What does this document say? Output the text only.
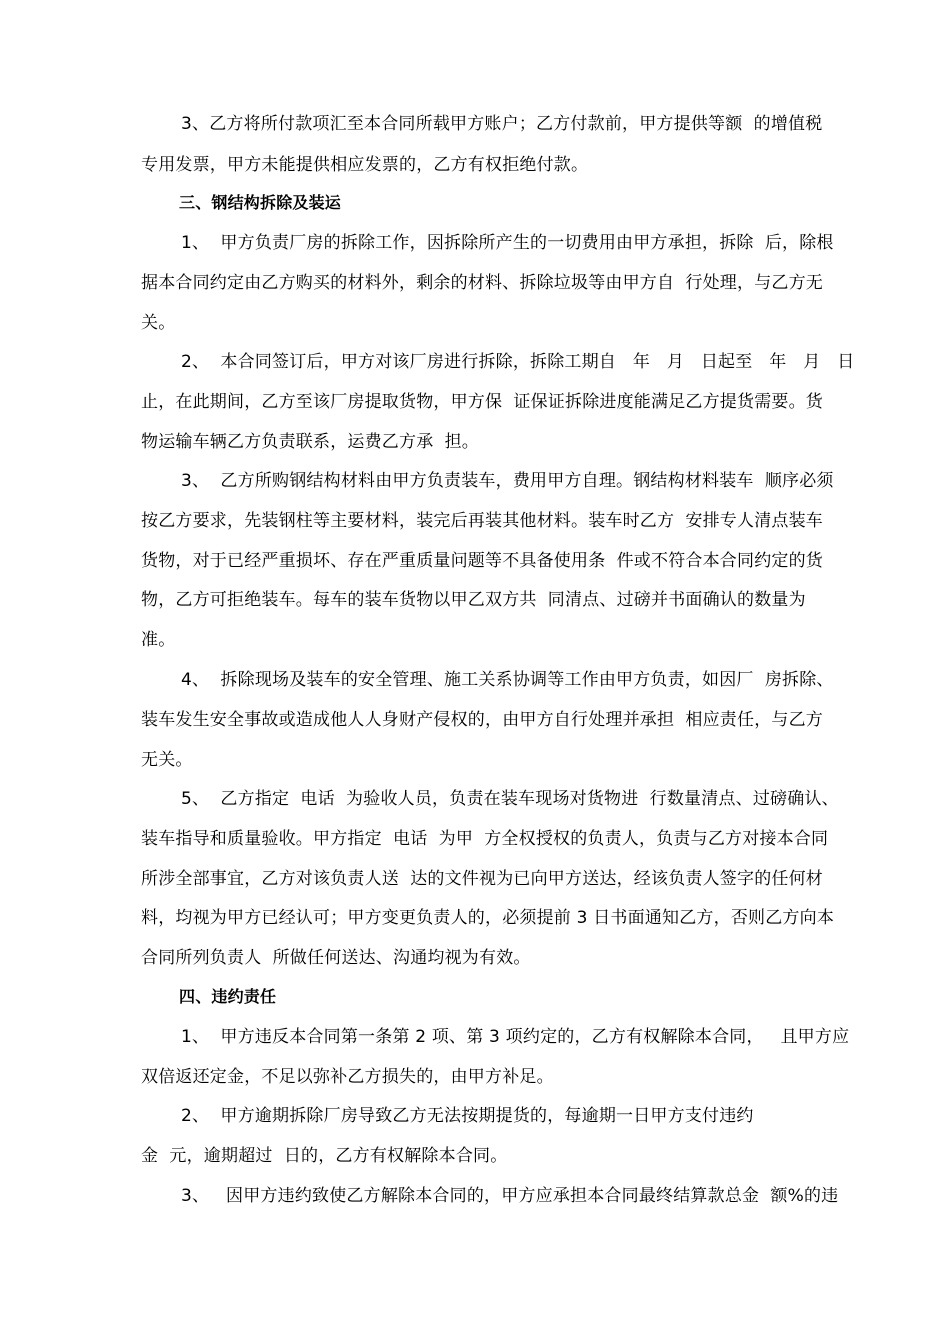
3、乙方将所付款项汇至本合同所载甲方账户；乙方付款前，甲方提供等额  的增值税
专用发票，甲方未能提供相应发票的，乙方有权拒绝付款。
三、钢结构拆除及装运
1、  甲方负责厂房的拆除工作，因拆除所产生的一切费用由甲方承担，拆除  后，除根
据本合同约定由乙方购买的材料外，剩余的材料、拆除垃圾等由甲方自  行处理，与乙方无
关。
2、  本合同签订后，甲方对该厂房进行拆除，拆除工期自   年   月   日起至   年   月   日
止，在此期间，乙方至该厂房提取货物，甲方保  证保证拆除进度能满足乙方提货需要。货
物运输车辆乙方负责联系，运费乙方承  担。
3、  乙方所购钢结构材料由甲方负责装车，费用甲方自理。钢结构材料装车  顺序必须
按乙方要求，先装钢柱等主要材料，装完后再装其他材料。装车时乙方  安排专人清点装车
货物，对于已经严重损坏、存在严重质量问题等不具备使用条  件或不符合本合同约定的货
物，乙方可拒绝装车。每车的装车货物以甲乙双方共  同清点、过磅并书面确认的数量为
准。
4、  拆除现场及装车的安全管理、施工关系协调等工作由甲方负责，如因厂  房拆除、
装车发生安全事故或造成他人人身财产侵权的，由甲方自行处理并承担  相应责任，与乙方
无关。
5、  乙方指定  电话  为验收人员，负责在装车现场对货物进  行数量清点、过磅确认、
装车指导和质量验收。甲方指定  电话  为甲  方全权授权的负责人，负责与乙方对接本合同
所涉全部事宜，乙方对该负责人送  达的文件视为已向甲方送达，经该负责人签字的任何材
料，均视为甲方已经认可；甲方变更负责人的，必须提前 3 日书面通知乙方，否则乙方向本
合同所列负责人  所做任何送达、沟通均视为有效。
四、违约责任
1、  甲方违反本合同第一条第 2 项、第 3 项约定的，乙方有权解除本合同，   且甲方应
双倍返还定金，不足以弥补乙方损失的，由甲方补足。
2、  甲方逾期拆除厂房导致乙方无法按期提货的，每逾期一日甲方支付违约
金  元，逾期超过  日的，乙方有权解除本合同。
3、   因甲方违约致使乙方解除本合同的，甲方应承担本合同最终结算款总金  额%的违
